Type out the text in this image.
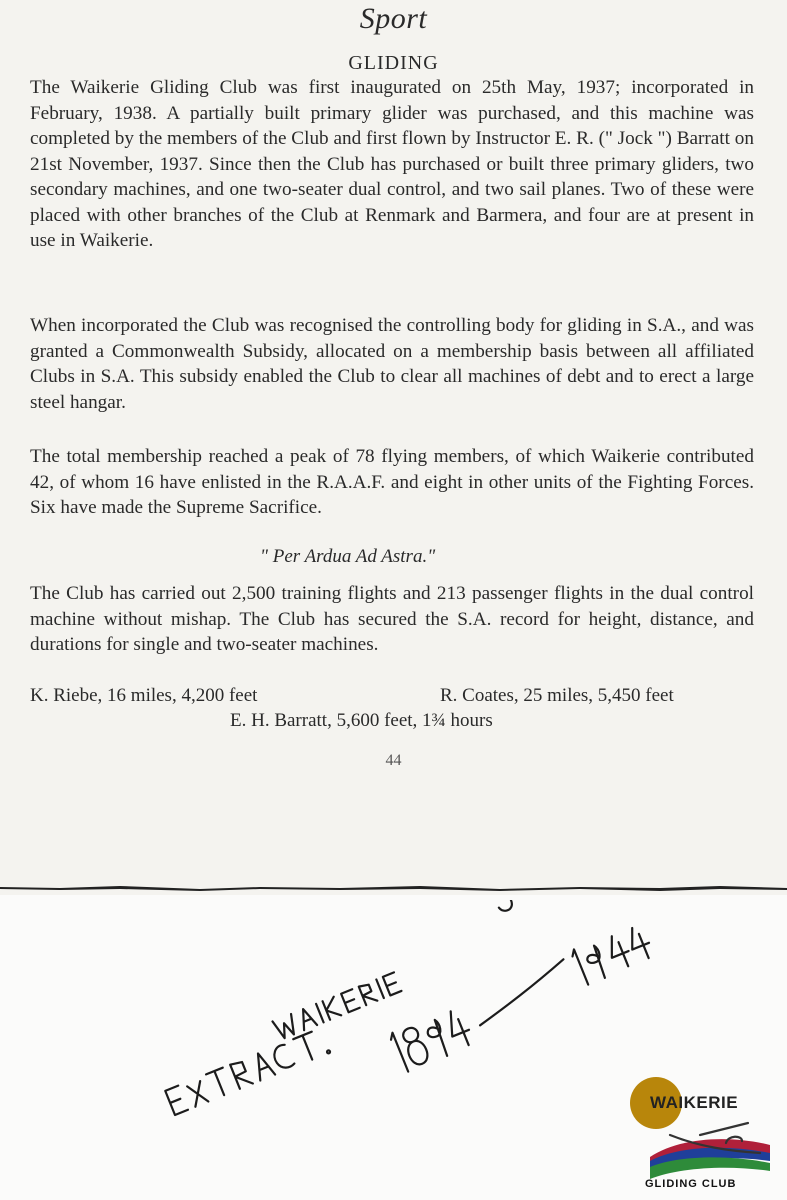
Sport
GLIDING
The Waikerie Gliding Club was first inaugurated on 25th May, 1937; incorporated in February, 1938. A partially built primary glider was purchased, and this machine was completed by the members of the Club and first flown by Instructor E. R. (" Jock ") Barratt on 21st November, 1937. Since then the Club has purchased or built three primary gliders, two secondary machines, and one two-seater dual control, and two sail planes. Two of these were placed with other branches of the Club at Renmark and Barmera, and four are at present in use in Waikerie.
When incorporated the Club was recognised the controlling body for gliding in S.A., and was granted a Commonwealth Subsidy, allocated on a membership basis between all affiliated Clubs in S.A. This subsidy enabled the Club to clear all machines of debt and to erect a large steel hangar.
The total membership reached a peak of 78 flying members, of which Waikerie contributed 42, of whom 16 have enlisted in the R.A.A.F. and eight in other units of the Fighting Forces. Six have made the Supreme Sacrifice.
" Per Ardua Ad Astra."
The Club has carried out 2,500 training flights and 213 passenger flights in the dual control machine without mishap. The Club has secured the S.A. record for height, distance, and durations for single and two-seater machines.
K. Riebe, 16 miles, 4,200 feet	R. Coates, 25 miles, 5,450 feet
E. H. Barratt, 5,600 feet, 1¾ hours
44
WAIKERIE
GLIDING CLUB
